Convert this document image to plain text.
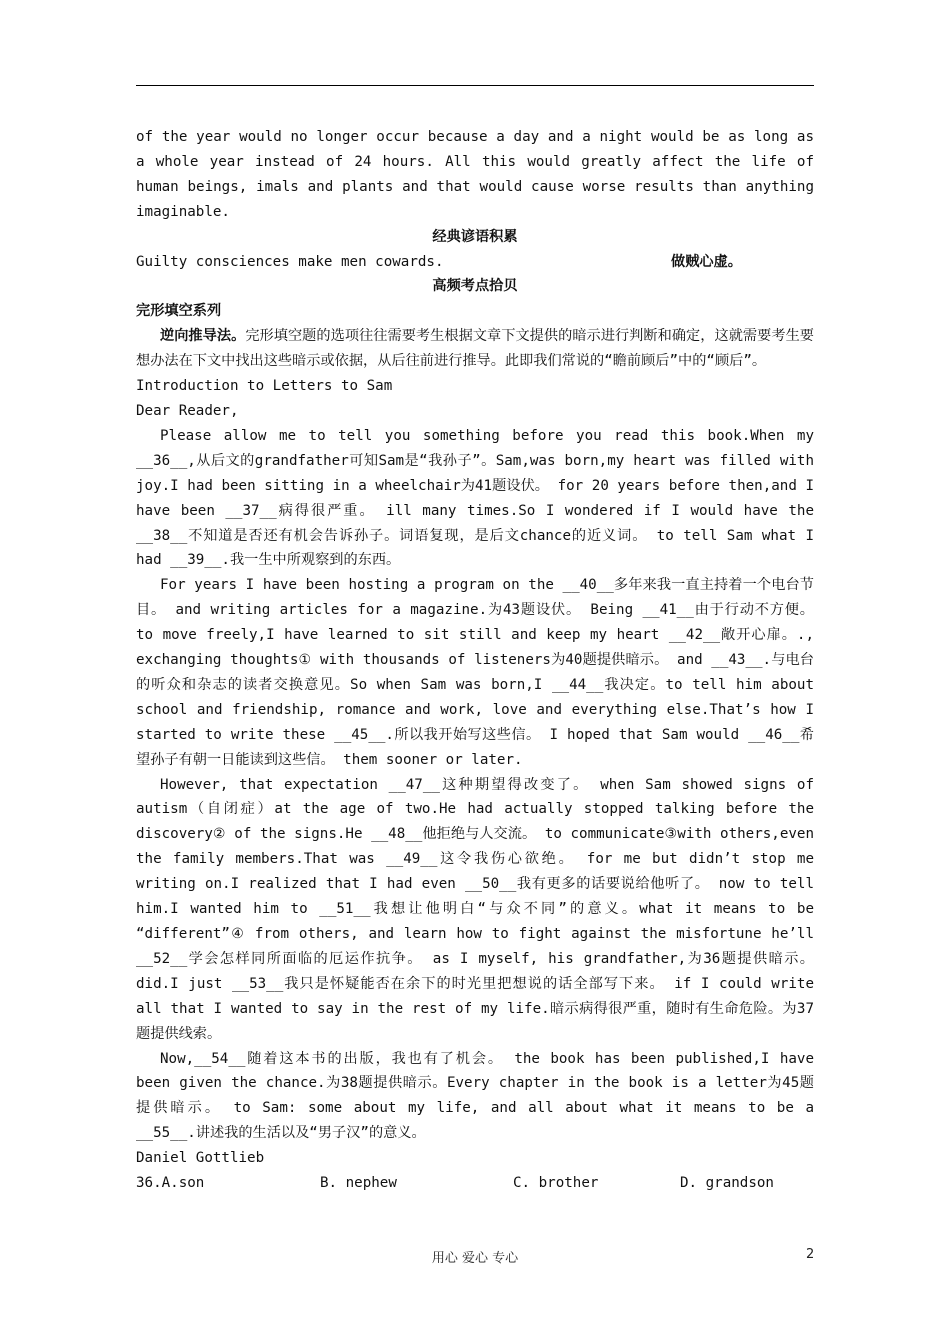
of the year would no longer occur because a day and a night would be as long as a whole year instead of 24 hours. All this would greatly affect the life of human beings, imals and plants and that would cause worse results than anything imaginable.

经典谚语积累

Guilty consciences make men cowards.	做贼心虚。

高频考点拾贝

完形填空系列

逆向推导法。完形填空题的选项往往需要考生根据文章下文提供的暗示进行判断和确定，这就需要考生要想办法在下文中找出这些暗示或依据，从后往前进行推导。此即我们常说的“瞻前顾后”中的“顾后”。

Introduction to Letters to Sam

Dear Reader,

Please allow me to tell you something before you read this book.When my __36__,从后文的grandfather可知Sam是“我孙子”。Sam,was born,my heart was filled with joy.I had been sitting in a wheelchair为41题设伏。 for 20 years before then,and I have been __37__病得很严重。 ill many times.So I wondered if I would have the __38__不知道是否还有机会告诉孙子。词语复现，是后文chance的近义词。 to tell Sam what I had __39__.我一生中所观察到的东西。

For years I have been hosting a program on the __40__多年来我一直主持着一个电台节目。 and writing articles for a magazine.为43题设伏。 Being __41__由于行动不方便。 to move freely,I have learned to sit still and keep my heart __42__敞开心扉。., exchanging thoughts① with thousands of listeners为40题提供暗示。 and __43__.与电台的听众和杂志的读者交换意见。So when Sam was born,I __44__我决定。to tell him about school and friendship, romance and work, love and everything else.That’s how I started to write these __45__.所以我开始写这些信。 I hoped that Sam would __46__希望孙子有朝一日能读到这些信。 them sooner or later.

However, that expectation __47__这种期望得改变了。 when Sam showed signs of autism（自闭症）at the age of two.He had actually stopped talking before the discovery② of the signs.He __48__他拒绝与人交流。 to communicate③with others,even the family members.That was __49__这令我伤心欲绝。 for me but didn’t stop me writing on.I realized that I had even __50__我有更多的话要说给他听了。 now to tell him.I wanted him to __51__我想让他明白“与众不同”的意义。what it means to be “different”④ from others, and learn how to fight against the misfortune he’ll __52__学会怎样同所面临的厄运作抗争。 as I myself, his grandfather,为36题提供暗示。did.I just __53__我只是怀疑能否在余下的时光里把想说的话全部写下来。 if I could write all that I wanted to say in the rest of my life.暗示病得很严重，随时有生命危险。为37题提供线索。

Now,__54__随着这本书的出版，我也有了机会。 the book has been published,I have been given the chance.为38题提供暗示。Every chapter in the book is a letter为45题提供暗示。 to Sam: some about my life, and all about what it means to be a __55__.讲述我的生活以及“男子汉”的意义。

Daniel Gottlieb

36.A.son	B. nephew	C. brother	D. grandson
用心 爱心 专心	2
